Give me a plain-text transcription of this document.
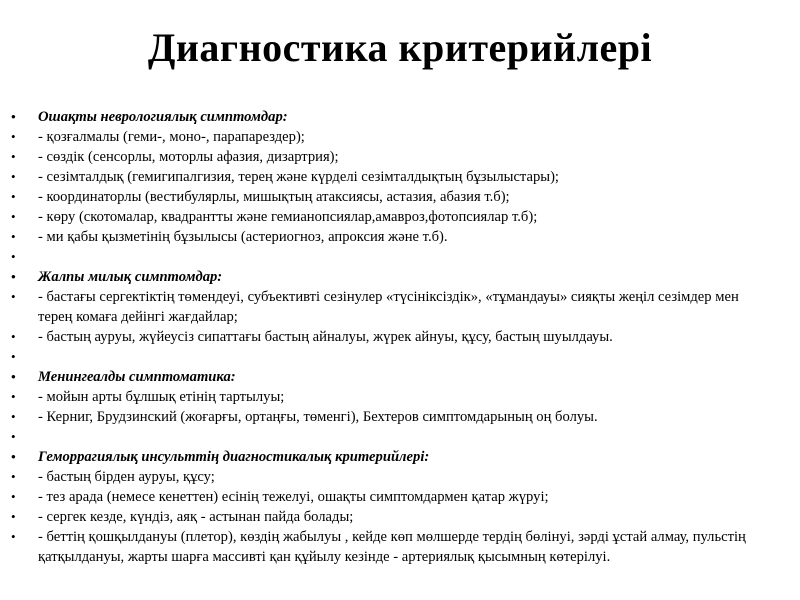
Диагностика критерийлері
• Ошақты неврологиялық симптомдар:
• - қозғалмалы (геми-, моно-, парапарездер);
• - сөздік (сенсорлы, моторлы афазия, дизартрия);
• - сезімталдық (гемигипалгизия, терең және күрделі сезімталдықтың бұзылыстары);
• - координаторлы (вестибулярлы, мишықтың атаксиясы, астазия, абазия т.б);
• - көру (скотомалар, квадрантты және гемианопсиялар,амавроз,фотопсиялар т.б);
• - ми қабы қызметінің бұзылысы (астериогноз, апроксия және т.б).
•
• Жалпы милық симптомдар:
• - бастағы сергектіктің төмендеуі, субъективті сезінулер «түсініксіздік», «тұмандауы» сияқты жеңіл сезімдер мен терең комаға дейінгі жағдайлар;
• - бастың ауруы, жүйеусіз сипаттағы бастың айналуы, жүрек айнуы, құсу, бастың шуылдауы.
•
• Менингеалды симптоматика:
• - мойын арты бұлшық етінің тартылуы;
• - Керниг, Брудзинский (жоғарғы, ортаңғы, төменгі), Бехтеров симптомдарының оң болуы.
•
• Геморрагиялық инсульттің диагностикалық критерийлері:
• - бастың бірден ауруы, құсу;
• - тез арада (немесе кенеттен) есінің тежелуі, ошақты симптомдармен қатар жүруі;
• - сергек кезде, күндіз, аяқ - астынан пайда болады;
• - беттің қошқылдануы (плетор), көздің жабылуы , кейде көп мөлшерде тердің бөлінуі, зәрді ұстай алмау, пульстің қатқылдануы, жарты шарға массивті қан құйылу кезінде - артериялық қысымның көтерілуі.
